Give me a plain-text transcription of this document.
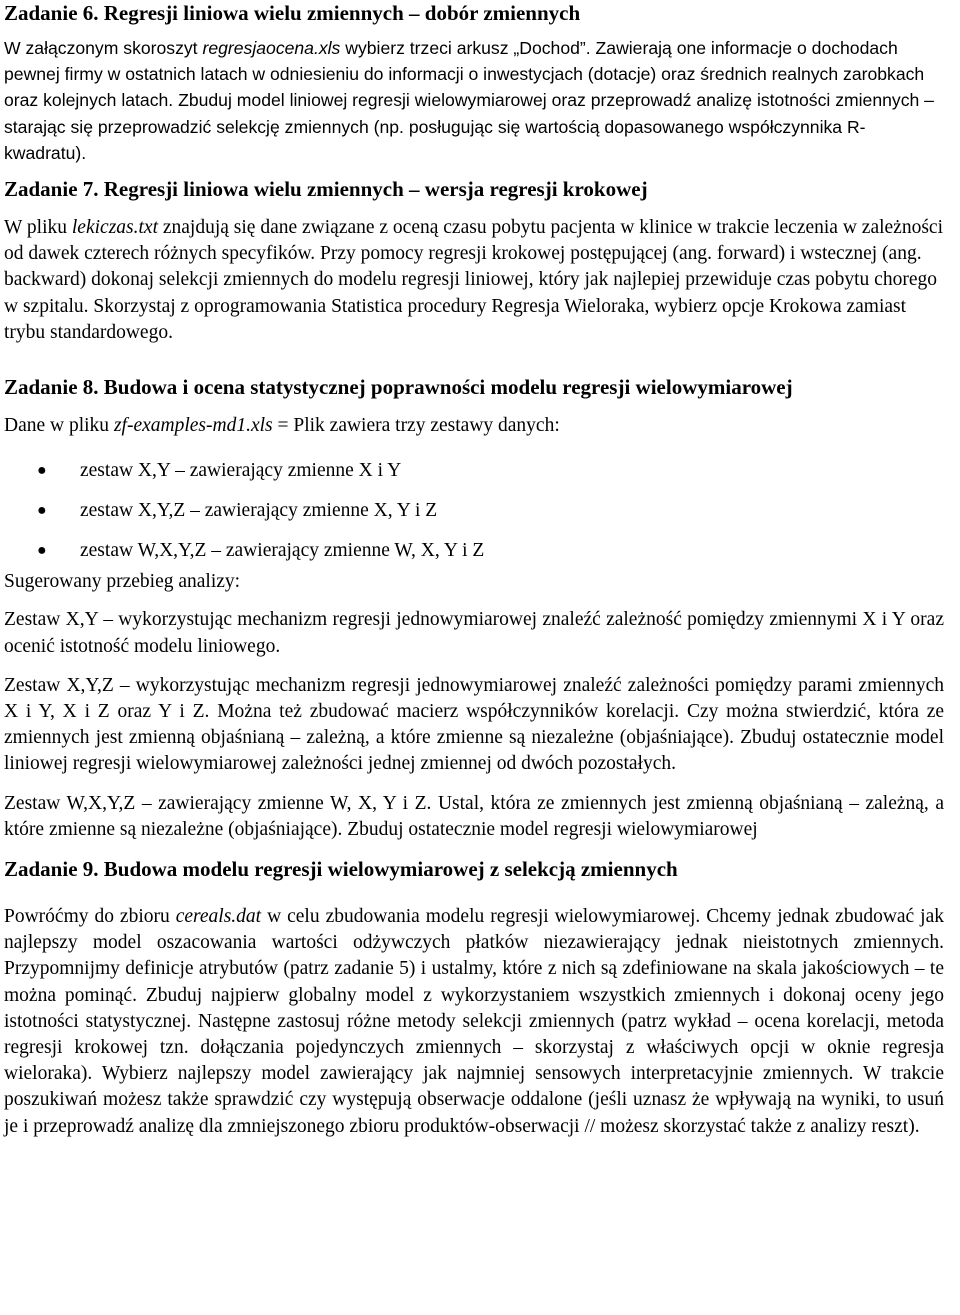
Zadanie 6. Regresji liniowa wielu zmiennych – dobór zmiennych

W załączonym skoroszyt regresjaocena.xls wybierz trzeci arkusz „Dochod”. Zawierają one informacje o dochodach pewnej firmy w ostatnich latach w odniesieniu do informacji o inwestycjach (dotacje) oraz średnich realnych zarobkach oraz kolejnych latach. Zbuduj model liniowej regresji wielowymiarowej oraz przeprowadź analizę istotności zmiennych – starając się przeprowadzić selekcję zmiennych (np. posługując się wartością dopasowanego współczynnika R-kwadratu).

Zadanie 7. Regresji liniowa wielu zmiennych – wersja regresji krokowej

W pliku lekiczas.txt znajdują się dane związane z oceną czasu pobytu pacjenta w klinice w trakcie leczenia w zależności od dawek czterech różnych specyfików. Przy pomocy regresji krokowej postępującej (ang. forward) i wstecznej (ang. backward) dokonaj selekcji zmiennych do modelu regresji liniowej, który jak najlepiej przewiduje czas pobytu chorego w szpitalu. Skorzystaj z oprogramowania Statistica procedury Regresja Wieloraka, wybierz opcje Krokowa zamiast trybu standardowego.

Zadanie 8. Budowa i ocena statystycznej poprawności modelu regresji wielowymiarowej

Dane w pliku zf-examples-md1.xls = Plik zawiera trzy zestawy danych:

● zestaw X,Y – zawierający zmienne X i Y
● zestaw X,Y,Z – zawierający zmienne X, Y i Z
● zestaw W,X,Y,Z – zawierający zmienne W, X, Y i Z

Sugerowany przebieg analizy:

Zestaw X,Y – wykorzystując mechanizm regresji jednowymiarowej znaleźć zależność pomiędzy zmiennymi X i Y oraz ocenić istotność modelu liniowego.

Zestaw X,Y,Z – wykorzystując mechanizm regresji jednowymiarowej znaleźć zależności pomiędzy parami zmiennych X i Y, X i Z oraz Y i Z. Można też zbudować macierz współczynników korelacji. Czy można stwierdzić, która ze zmiennych jest zmienną objaśnianą – zależną, a które zmienne są niezależne (objaśniające). Zbuduj ostatecznie model liniowej regresji wielowymiarowej zależności jednej zmiennej od dwóch pozostałych.

Zestaw W,X,Y,Z – zawierający zmienne W, X, Y i Z. Ustal, która ze zmiennych jest zmienną objaśnianą – zależną, a które zmienne są niezależne (objaśniające). Zbuduj ostatecznie model regresji wielowymiarowej

Zadanie 9. Budowa modelu regresji wielowymiarowej z selekcją zmiennych

Powróćmy do zbioru cereals.dat w celu zbudowania modelu regresji wielowymiarowej. Chcemy jednak zbudować jak najlepszy model oszacowania wartości odżywczych płatków niezawierający jednak nieistotnych zmiennych. Przypomnijmy definicje atrybutów (patrz zadanie 5) i ustalmy, które z nich są zdefiniowane na skala jakościowych – te można pominąć. Zbuduj najpierw globalny model z wykorzystaniem wszystkich zmiennych i dokonaj oceny jego istotności statystycznej. Następne zastosuj różne metody selekcji zmiennych (patrz wykład – ocena korelacji, metoda regresji krokowej tzn. dołączania pojedynczych zmiennych – skorzystaj z właściwych opcji w oknie regresja wieloraka). Wybierz najlepszy model zawierający jak najmniej sensowych interpretacyjnie zmiennych. W trakcie poszukiwań możesz także sprawdzić czy występują obserwacje oddalone (jeśli uznasz że wpływają na wyniki, to usuń je i przeprowadź analizę dla zmniejszonego zbioru produktów-obserwacji // możesz skorzystać także z analizy reszt).
